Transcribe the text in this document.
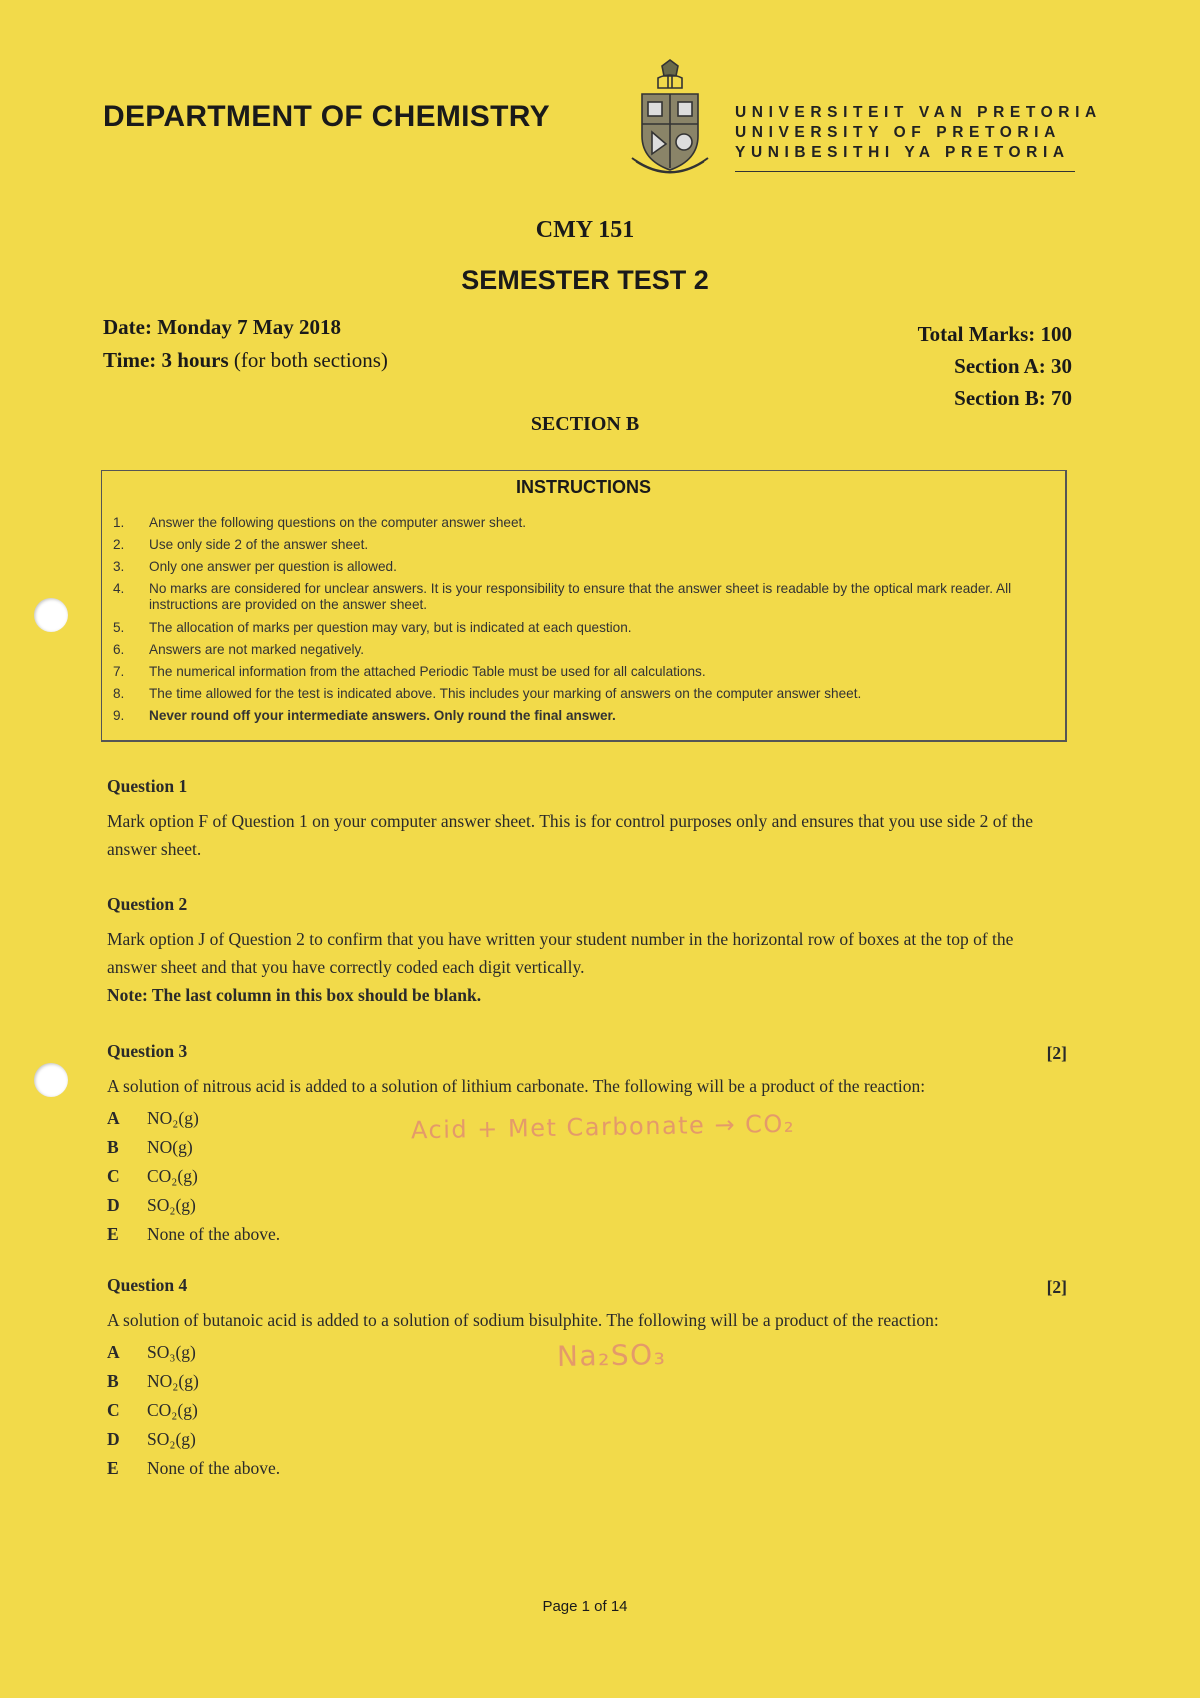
DEPARTMENT OF CHEMISTRY	UNIVERSITEIT VAN PRETORIA
UNIVERSITY OF PRETORIA
YUNIBESITHI YA PRETORIA
CMY 151
SEMESTER TEST 2
Date: Monday 7 May 2018
Time: 3 hours (for both sections)
Total Marks: 100
Section A: 30
Section B: 70
SECTION B
INSTRUCTIONS
1. Answer the following questions on the computer answer sheet.
2. Use only side 2 of the answer sheet.
3. Only one answer per question is allowed.
4. No marks are considered for unclear answers. It is your responsibility to ensure that the answer sheet is readable by the optical mark reader. All instructions are provided on the answer sheet.
5. The allocation of marks per question may vary, but is indicated at each question.
6. Answers are not marked negatively.
7. The numerical information from the attached Periodic Table must be used for all calculations.
8. The time allowed for the test is indicated above. This includes your marking of answers on the computer answer sheet.
9. Never round off your intermediate answers. Only round the final answer.
Question 1

Mark option F of Question 1 on your computer answer sheet. This is for control purposes only and ensures that you use side 2 of the answer sheet.

Question 2

Mark option J of Question 2 to confirm that you have written your student number in the horizontal row of boxes at the top of the answer sheet and that you have correctly coded each digit vertically.

Note: The last column in this box should be blank.

Question 3	[2]

A solution of nitrous acid is added to a solution of lithium carbonate. The following will be a product of the reaction:

Acid + Met Carbonate → CO₂
A	NO₂(g)
B	NO(g)
C	CO₂(g)
D	SO₂(g)
E	None of the above.
Question 4	[2]

A solution of butanoic acid is added to a solution of sodium bisulphite. The following will be a product of the reaction:

Na₂SO₃
A	SO₃(g)
B	NO₂(g)
C	CO₂(g)
D	SO₂(g)
E	None of the above.
Page 1 of 14
